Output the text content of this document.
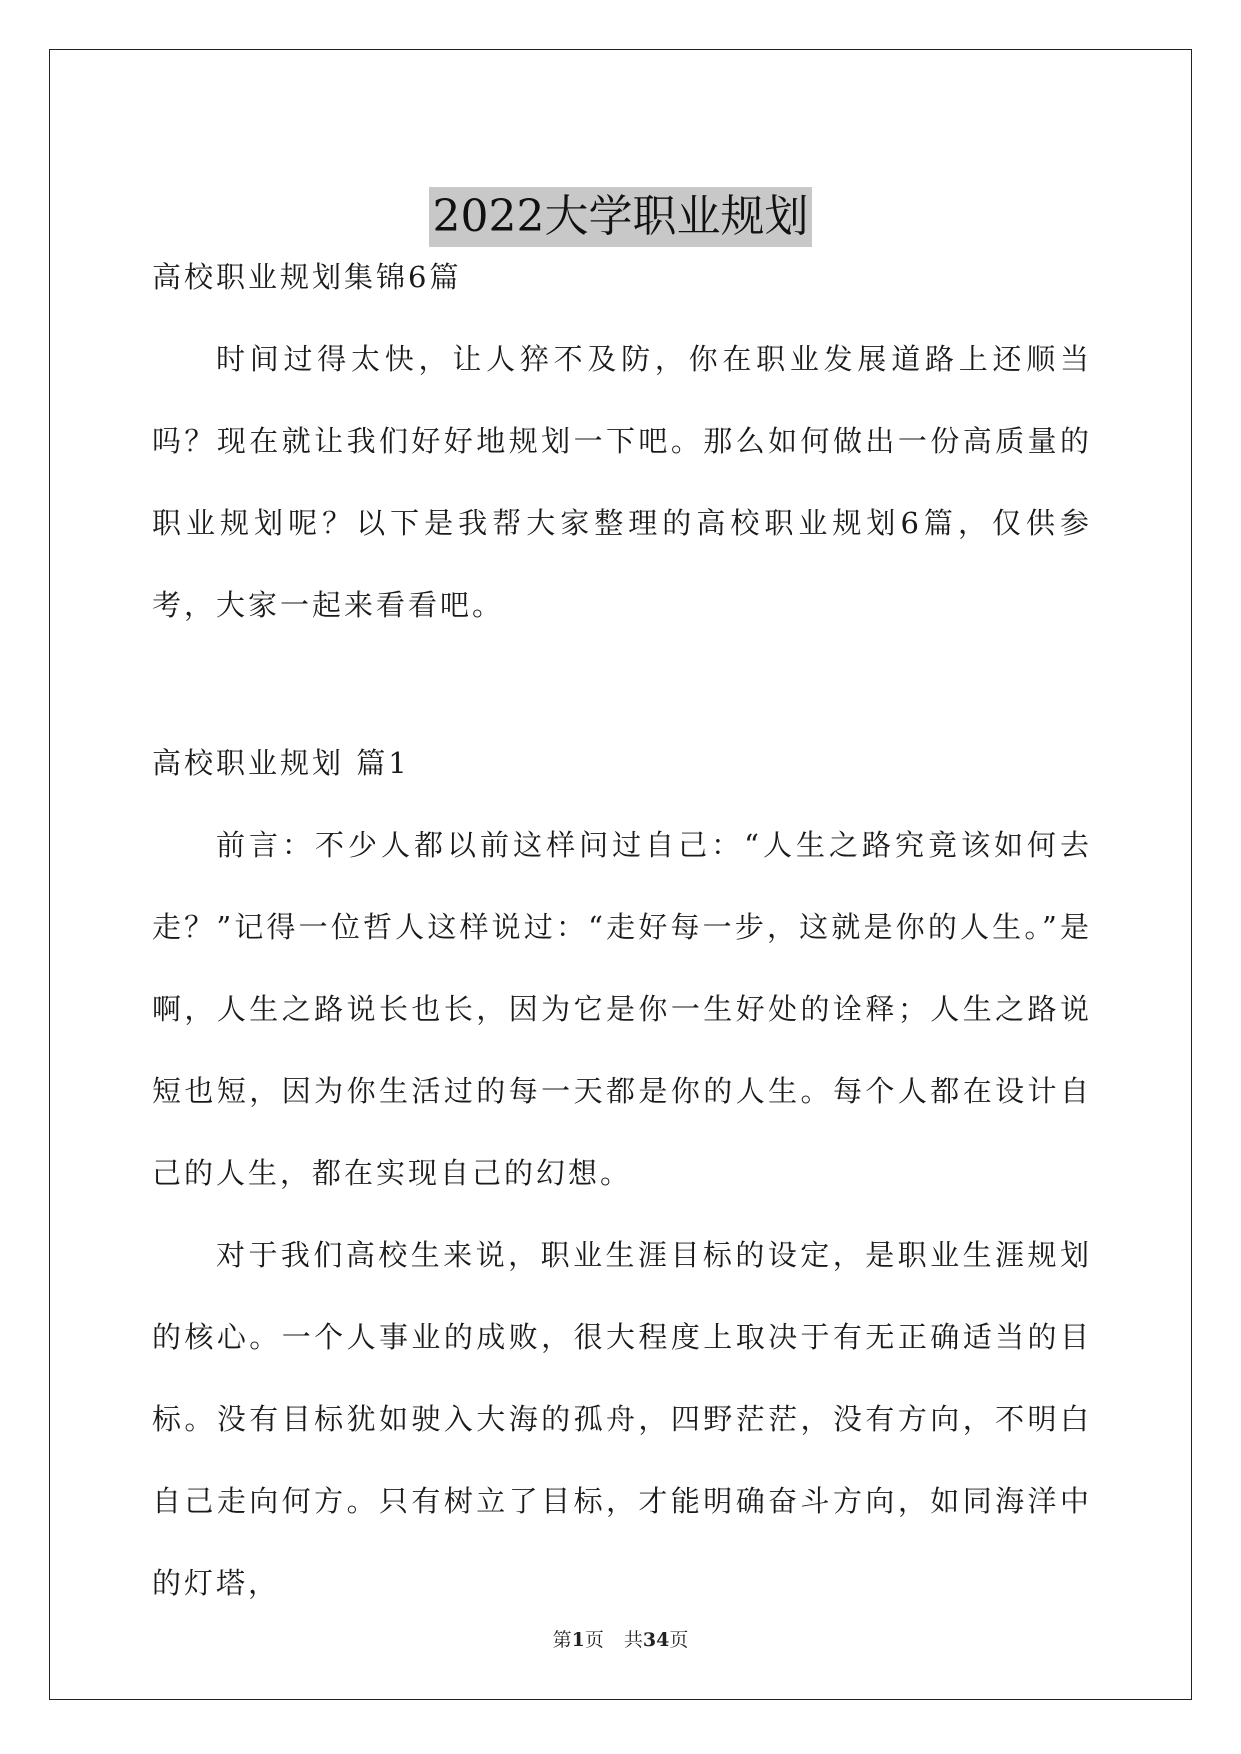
2022大学职业规划

高校职业规划集锦6篇

时间过得太快，让人猝不及防，你在职业发展道路上还顺当吗？现在就让我们好好地规划一下吧。那么如何做出一份高质量的职业规划呢？以下是我帮大家整理的高校职业规划6篇，仅供参考，大家一起来看看吧。

高校职业规划 篇1

前言：不少人都以前这样问过自己：“人生之路究竟该如何去走？”记得一位哲人这样说过：“走好每一步，这就是你的人生。”是啊，人生之路说长也长，因为它是你一生好处的诠释；人生之路说短也短，因为你生活过的每一天都是你的人生。每个人都在设计自己的人生，都在实现自己的幻想。

对于我们高校生来说，职业生涯目标的设定，是职业生涯规划的核心。一个人事业的成败，很大程度上取决于有无正确适当的目标。没有目标犹如驶入大海的孤舟，四野茫茫，没有方向，不明白自己走向何方。只有树立了目标，才能明确奋斗方向，如同海洋中的灯塔，

第1页 共34页
